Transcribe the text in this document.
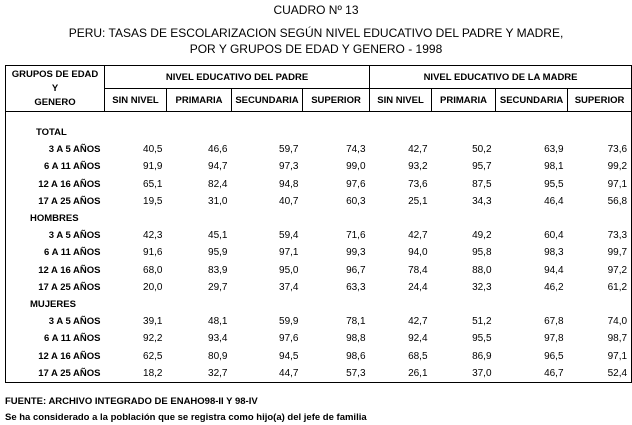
CUADRO Nº 13
PERU: TASAS DE ESCOLARIZACION SEGÚN NIVEL EDUCATIVO DEL PADRE Y MADRE,
POR Y GRUPOS DE EDAD Y GENERO - 1998
GRUPOS DE EDAD
Y
GENERO	NIVEL EDUCATIVO DEL PADRE				NIVEL EDUCATIVO DE LA MADRE			
	SIN NIVEL	PRIMARIA	SECUNDARIA	SUPERIOR	SIN NIVEL	PRIMARIA	SECUNDARIA	SUPERIOR

TOTAL								
3 A 5 AÑOS	40,5	46,6	59,7	74,3	42,7	50,2	63,9	73,6
6 A 11 AÑOS	91,9	94,7	97,3	99,0	93,2	95,7	98,1	99,2
12 A 16 AÑOS	65,1	82,4	94,8	97,6	73,6	87,5	95,5	97,1
17 A 25 AÑOS	19,5	31,0	40,7	60,3	25,1	34,3	46,4	56,8
HOMBRES								
3 A 5 AÑOS	42,3	45,1	59,4	71,6	42,7	49,2	60,4	73,3
6 A 11 AÑOS	91,6	95,9	97,1	99,3	94,0	95,8	98,3	99,7
12 A 16 AÑOS	68,0	83,9	95,0	96,7	78,4	88,0	94,4	97,2
17 A 25 AÑOS	20,0	29,7	37,4	63,3	24,4	32,3	46,2	61,2
MUJERES								
3 A 5 AÑOS	39,1	48,1	59,9	78,1	42,7	51,2	67,8	74,0
6 A 11 AÑOS	92,2	93,4	97,6	98,8	92,4	95,5	97,8	98,7
12 A 16 AÑOS	62,5	80,9	94,5	98,6	68,5	86,9	96,5	97,1
17 A 25 AÑOS	18,2	32,7	44,7	57,3	26,1	37,0	46,7	52,4
FUENTE: ARCHIVO INTEGRADO DE ENAHO98-II Y 98-IV
Se ha considerado a la población que se registra como hijo(a) del jefe de familia
